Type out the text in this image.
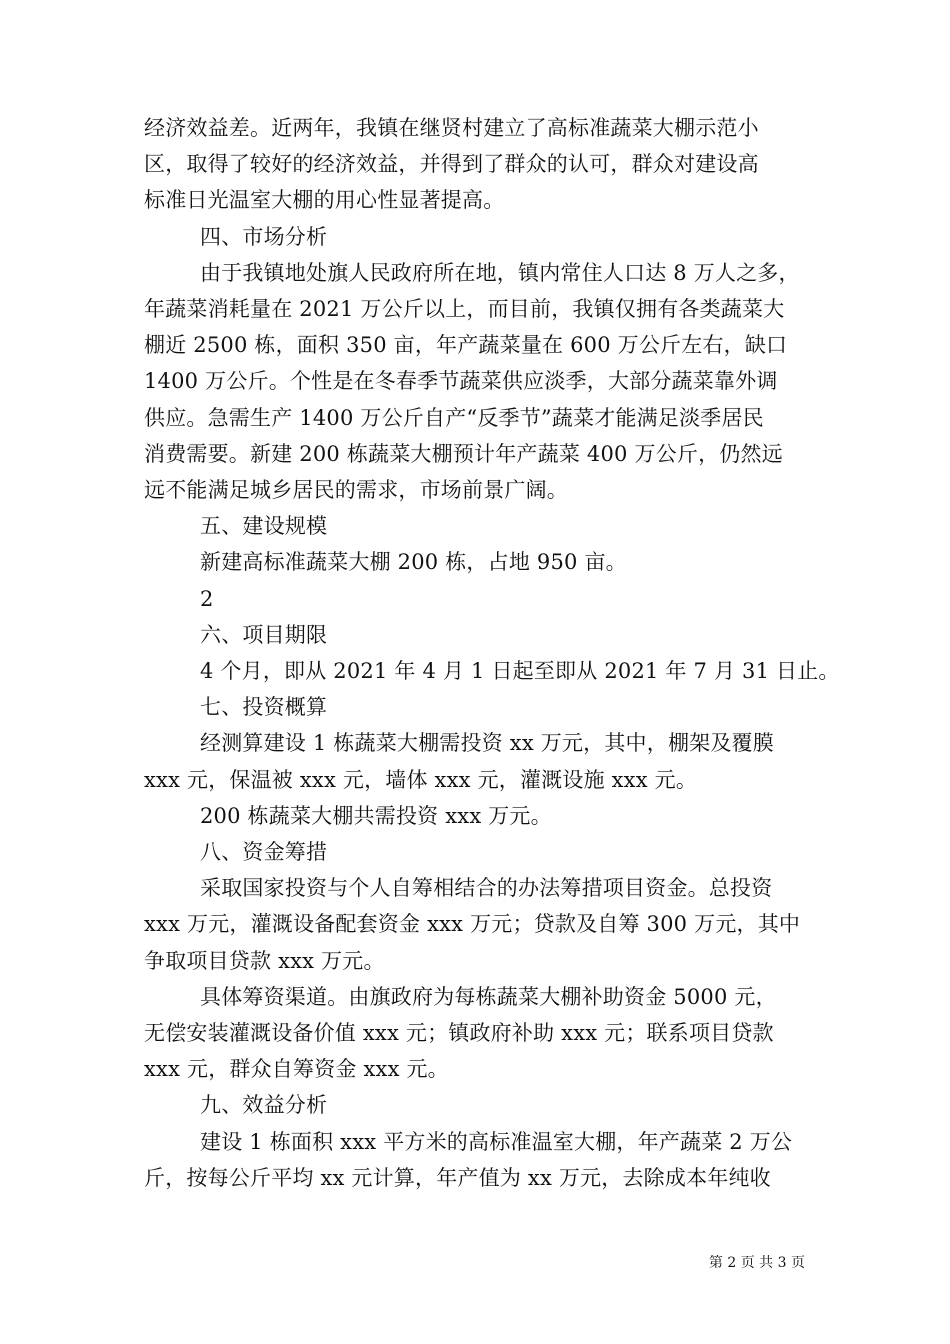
经济效益差。近两年，我镇在继贤村建立了高标准蔬菜大棚示范小
区，取得了较好的经济效益，并得到了群众的认可，群众对建设高
标准日光温室大棚的用心性显著提高。
四、市场分析
由于我镇地处旗人民政府所在地，镇内常住人口达 8 万人之多，
年蔬菜消耗量在 2021 万公斤以上，而目前，我镇仅拥有各类蔬菜大
棚近 2500 栋，面积 350 亩，年产蔬菜量在 600 万公斤左右，缺口
1400 万公斤。个性是在冬春季节蔬菜供应淡季，大部分蔬菜靠外调
供应。急需生产 1400 万公斤自产“反季节”蔬菜才能满足淡季居民
消费需要。新建 200 栋蔬菜大棚预计年产蔬菜 400 万公斤，仍然远
远不能满足城乡居民的需求，市场前景广阔。
五、建设规模
新建高标准蔬菜大棚 200 栋，占地 950 亩。
2
六、项目期限
4 个月，即从 2021 年 4 月 1 日起至即从 2021 年 7 月 31 日止。
七、投资概算
经测算建设 1 栋蔬菜大棚需投资 xx 万元，其中，棚架及覆膜
xxx 元，保温被 xxx 元，墙体 xxx 元，灌溉设施 xxx 元。
200 栋蔬菜大棚共需投资 xxx 万元。
八、资金筹措
采取国家投资与个人自筹相结合的办法筹措项目资金。总投资
xxx 万元，灌溉设备配套资金 xxx 万元；贷款及自筹 300 万元，其中
争取项目贷款 xxx 万元。
具体筹资渠道。由旗政府为每栋蔬菜大棚补助资金 5000 元，
无偿安装灌溉设备价值 xxx 元；镇政府补助 xxx 元；联系项目贷款
xxx 元，群众自筹资金 xxx 元。
九、效益分析
建设 1 栋面积 xxx 平方米的高标准温室大棚，年产蔬菜 2 万公
斤，按每公斤平均 xx 元计算，年产值为 xx 万元，去除成本年纯收
第 2 页 共 3 页
